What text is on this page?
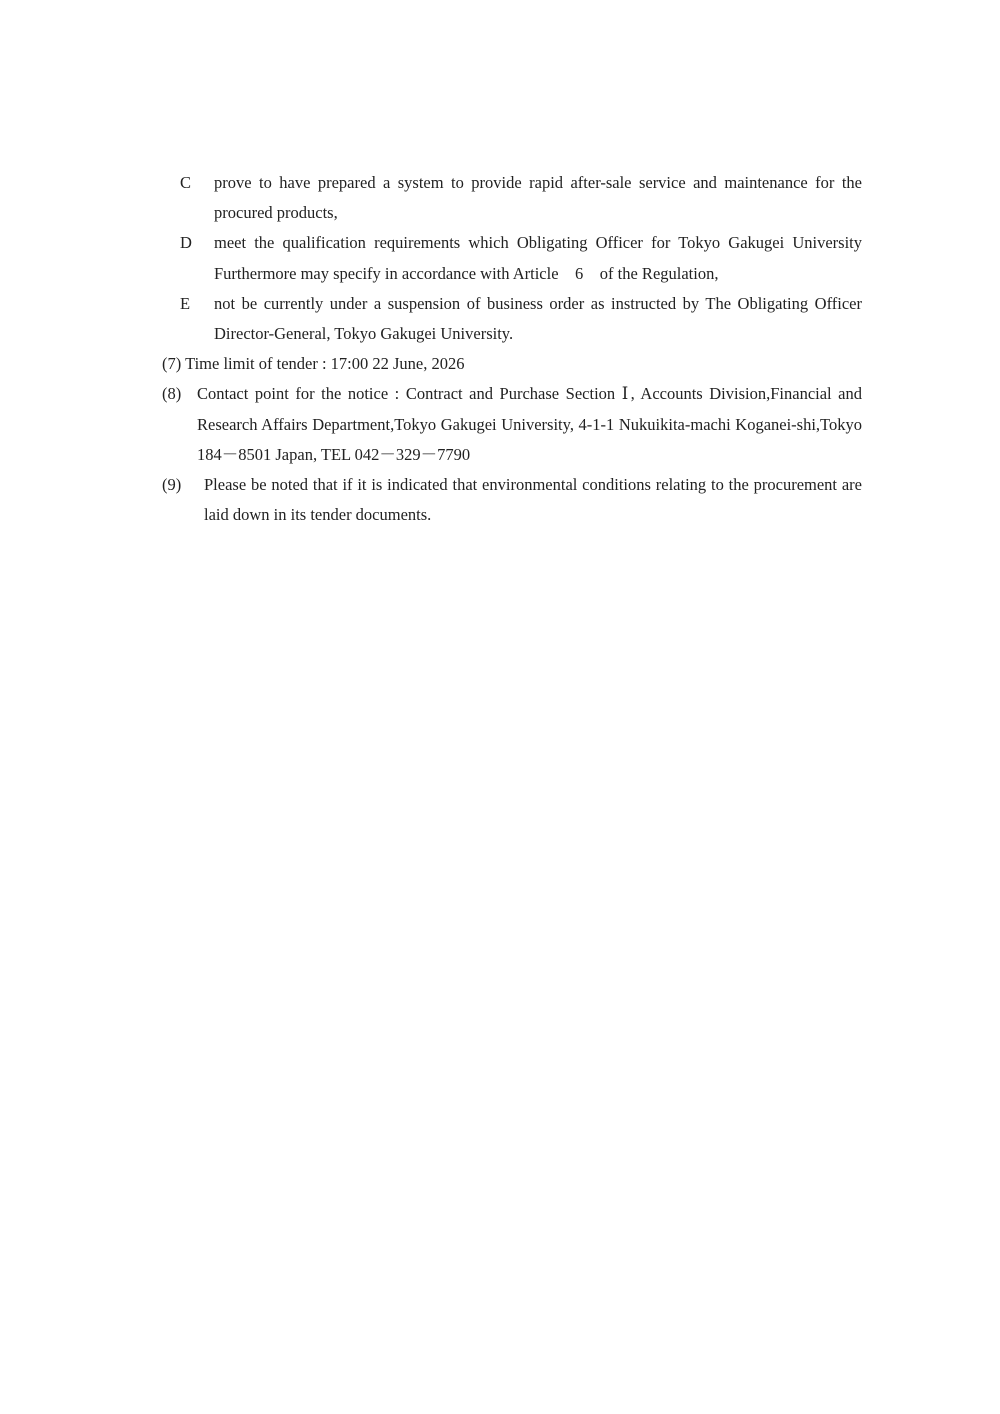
C prove to have prepared a system to provide rapid after-sale service and maintenance for the procured products,
D meet the qualification requirements which Obligating Officer for Tokyo Gakugei University Furthermore may specify in accordance with Article　6　of the Regulation,
E not be currently under a suspension of business order as instructed by The Obligating Officer Director-General, Tokyo Gakugei University.
(7) Time limit of tender : 17:00 22 June, 2026
(8) Contact point for the notice : Contract and Purchase Section Ⅰ, Accounts Division,Financial and Research Affairs Department,Tokyo Gakugei University, 4-1-1 Nukuikita-machi Koganei-shi,Tokyo 184－8501 Japan, TEL 042－329－7790
(9) Please be noted that if it is indicated that environmental conditions relating to the procurement are laid down in its tender documents.
